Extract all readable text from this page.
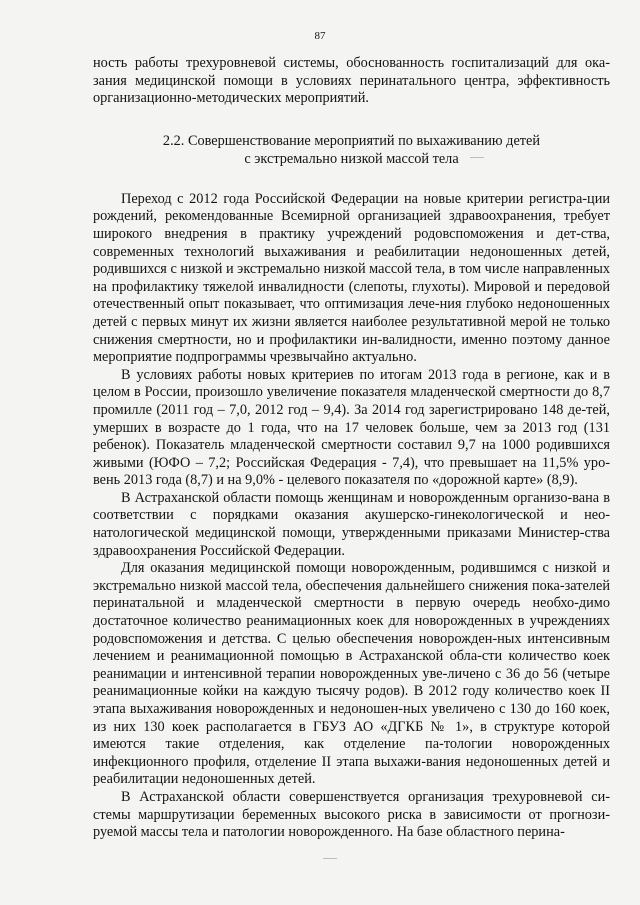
87

ность работы трехуровневой системы, обоснованность госпитализаций для ока-зания медицинской помощи в условиях перинатального центра, эффективность организационно-методических мероприятий.

2.2. Совершенствование мероприятий по выхаживанию детей
с экстремально низкой массой тела

Переход с 2012 года Российской Федерации на новые критерии регистра-ции рождений, рекомендованные Всемирной организацией здравоохранения, требует широкого внедрения в практику учреждений родовспоможения и дет-ства, современных технологий выхаживания и реабилитации недоношенных детей, родившихся с низкой и экстремально низкой массой тела, в том числе направленных на профилактику тяжелой инвалидности (слепоты, глухоты). Мировой и передовой отечественный опыт показывает, что оптимизация лече-ния глубоко недоношенных детей с первых минут их жизни является наиболее результативной мерой не только снижения смертности, но и профилактики ин-валидности, именно поэтому данное мероприятие подпрограммы чрезвычайно актуально.

В условиях работы новых критериев по итогам 2013 года в регионе, как и в целом в России, произошло увеличение показателя младенческой смертности до 8,7 промилле (2011 год – 7,0, 2012 год – 9,4). За 2014 год зарегистрировано 148 де-тей, умерших в возрасте до 1 года, что на 17 человек больше, чем за 2013 год (131 ребенок). Показатель младенческой смертности составил 9,7 на 1000 родившихся живыми (ЮФО – 7,2; Российская Федерация - 7,4), что превышает на 11,5% уро-вень 2013 года (8,7) и на 9,0% - целевого показателя по «дорожной карте» (8,9).

В Астраханской области помощь женщинам и новорожденным организо-вана в соответствии с порядками оказания акушерско-гинекологической и нео-натологической медицинской помощи, утвержденными приказами Министер-ства здравоохранения Российской Федерации.

Для оказания медицинской помощи новорожденным, родившимся с низкой и экстремально низкой массой тела, обеспечения дальнейшего снижения пока-зателей перинатальной и младенческой смертности в первую очередь необхо-димо достаточное количество реанимационных коек для новорожденных в учреждениях родовспоможения и детства. С целью обеспечения новорожден-ных интенсивным лечением и реанимационной помощью в Астраханской обла-сти количество коек реанимации и интенсивной терапии новорожденных уве-личено с 36 до 56 (четыре реанимационные койки на каждую тысячу родов). В 2012 году количество коек II этапа выхаживания новорожденных и недоношен-ных увеличено с 130 до 160 коек, из них 130 коек располагается в ГБУЗ АО «ДГКБ № 1», в структуре которой имеются такие отделения, как отделение па-тологии новорожденных инфекционного профиля, отделение II этапа выхажи-вания недоношенных детей и реабилитации недоношенных детей.

В Астраханской области совершенствуется организация трехуровневой си-стемы маршрутизации беременных высокого риска в зависимости от прогнози-руемой массы тела и патологии новорожденного. На базе областного перина-
